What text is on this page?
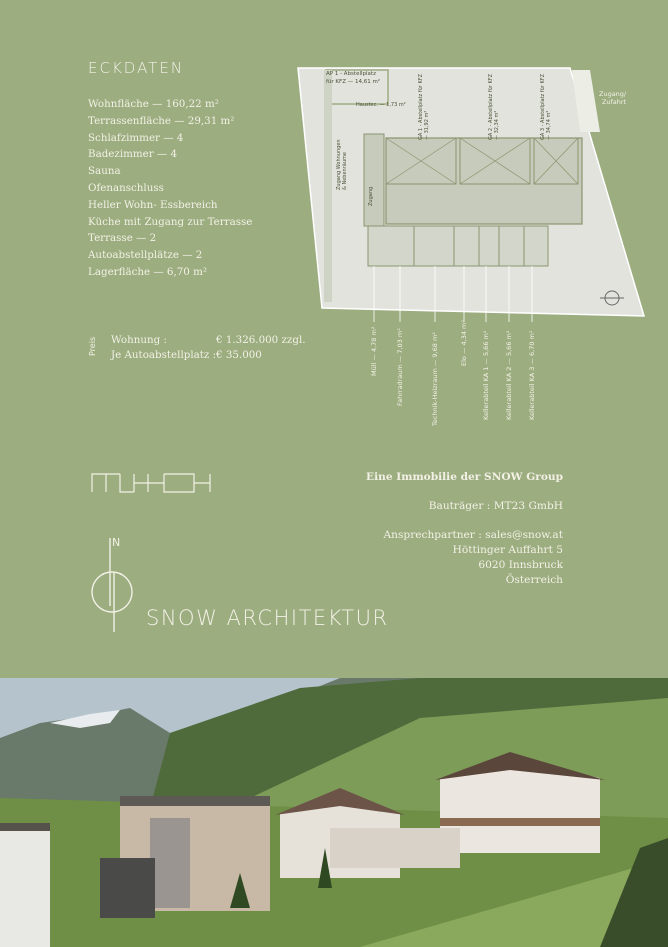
ECKDATEN
Wohnfläche — 160,22 m²
Terrassenfläche — 29,31 m²
Schlafzimmer — 4
Badezimmer — 4
Sauna
Ofenanschluss
Heller Wohn- Essbereich
Küche mit Zugang zur Terrasse
Terrasse — 2
Autoabstellplätze — 2
Lagerfläche — 6,70 m²
Preis Wohnung :	€ 1.326.000 zzgl.
Je Autoabstellplatz : € 35.000
AP 1 - Abstellplatz
für KFZ — 14,61 m²
Haustec. — 1,73 m²
Zugang/
Zufahrt
Zugang Wohnungen
& Nebenräume
Zugang
GA 1 - Abstellplatz für KFZ — 31,92 m²	GA 2 - Abstellplatz für KFZ — 32,34 m²	GA 3 - Abstellplatz für KFZ — 34,74 m²
Müll — 4,78 m²	Fahrradraum — 7,03 m²	Technik-Heizraum — 9,68 m²	Elo — 4,34 m² Kellerabteil KA 1 — 5,66 m² Kellerabteil KA 2 — 5,66 m² Kellerabteil KA 3 — 6,70 m²
Eine Immobilie der SNOW Group
Bauträger : MT23 GmbH
Ansprechpartner : sales@snow.at
Höttinger Auffahrt 5
6020 Innsbruck
Österreich
N
SNOW ARCHITEKTUR
